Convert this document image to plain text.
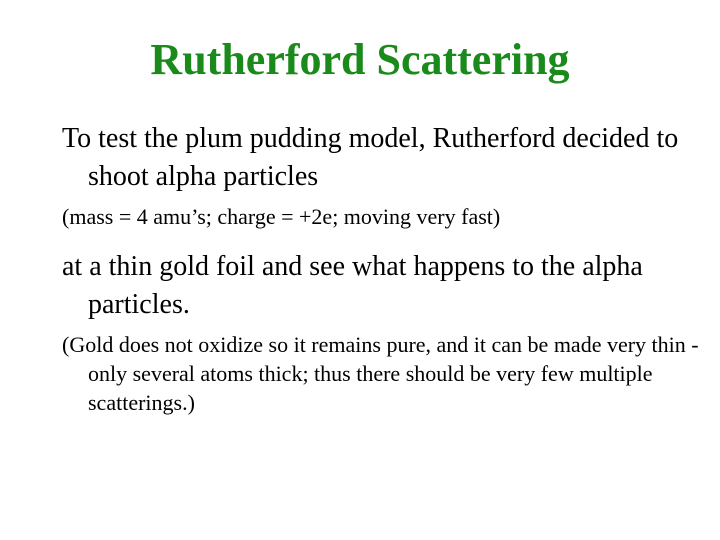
Rutherford Scattering

To test the plum pudding model, Rutherford decided to shoot alpha particles

(mass = 4 amu’s; charge = +2e; moving very fast)

at a thin gold foil and see what happens to the alpha particles.

(Gold does not oxidize so it remains pure, and it can be made very thin - only several atoms thick; thus there should be very few multiple scatterings.)
